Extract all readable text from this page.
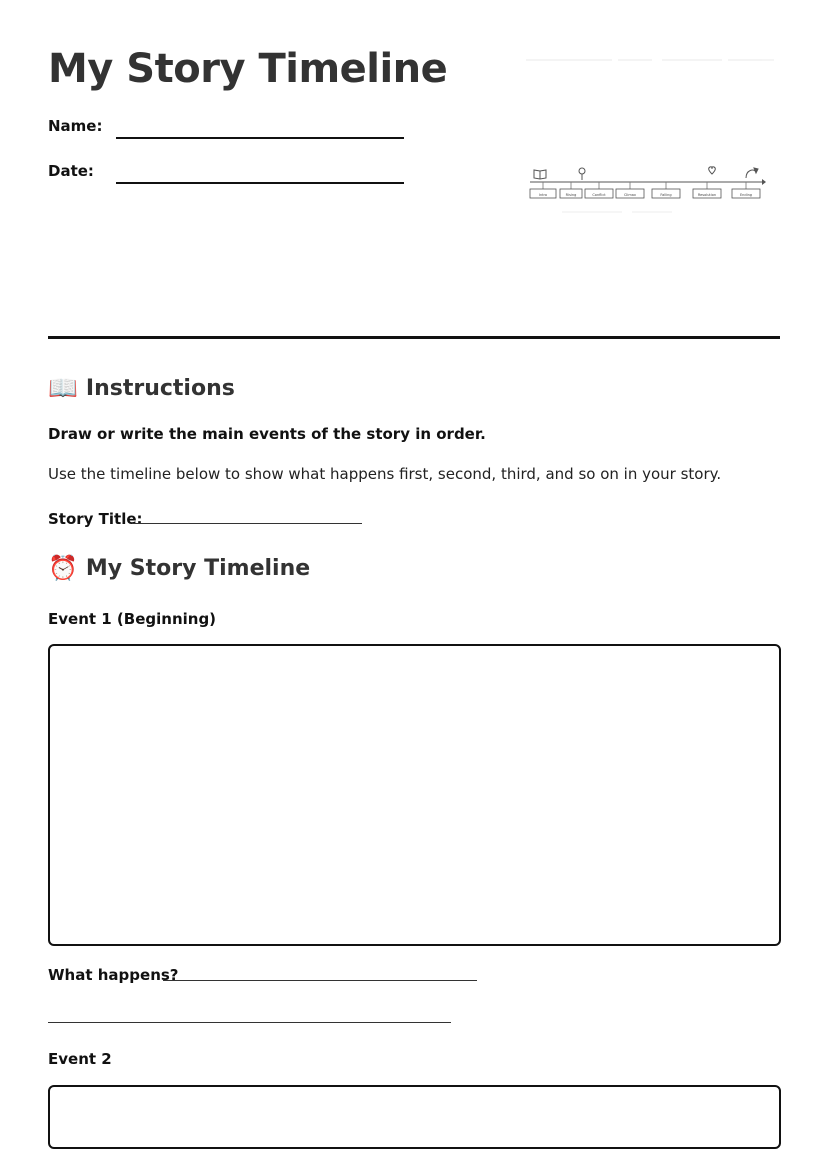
My Story Timeline
Name:
Date:
Intro	Rising	Conflict	Climax	Falling	Resolution	Ending
📖 Instructions
Draw or write the main events of the story in order.
Use the timeline below to show what happens first, second, third, and so on in your story.
Story Title:
⏰ My Story Timeline
Event 1 (Beginning)
What happens?
Event 2
